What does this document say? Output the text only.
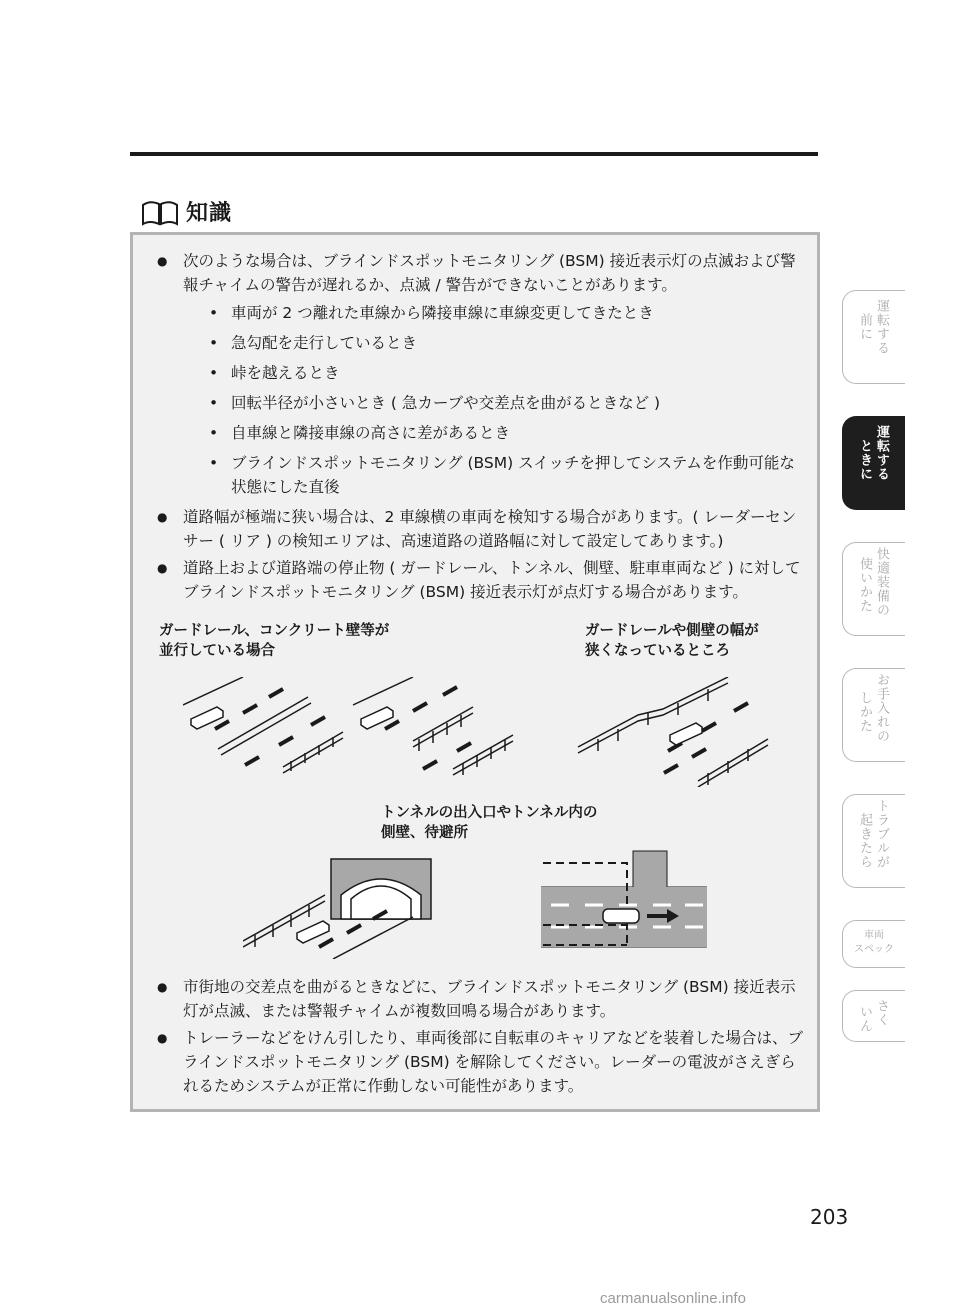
知識
● 次のような場合は、ブラインドスポットモニタリング (BSM) 接近表示灯の点滅および警報チャイムの警告が遅れるか、点滅 / 警告ができないことがあります。
• 車両が 2 つ離れた車線から隣接車線に車線変更してきたとき
• 急勾配を走行しているとき
• 峠を越えるとき
• 回転半径が小さいとき ( 急カーブや交差点を曲がるときなど )
• 自車線と隣接車線の高さに差があるとき
• ブラインドスポットモニタリング (BSM) スイッチを押してシステムを作動可能な状態にした直後
● 道路幅が極端に狭い場合は、2 車線横の車両を検知する場合があります。( レーダーセンサー ( リア ) の検知エリアは、高速道路の道路幅に対して設定してあります。)
● 道路上および道路端の停止物 ( ガードレール、トンネル、側壁、駐車車両など ) に対してブラインドスポットモニタリング (BSM) 接近表示灯が点灯する場合があります。
ガードレール、コンクリート壁等が
並行している場合
ガードレールや側壁の幅が
狭くなっているところ
トンネルの出入口やトンネル内の
側壁、待避所
● 市街地の交差点を曲がるときなどに、ブラインドスポットモニタリング (BSM) 接近表示灯が点滅、または警報チャイムが複数回鳴る場合があります。
● トレーラーなどをけん引したり、車両後部に自転車のキャリアなどを装着した場合は、ブラインドスポットモニタリング (BSM) を解除してください。レーダーの電波がさえぎられるためシステムが正常に作動しない可能性があります。
運転する
前に
運転する
ときに
快適装備の
使いかた
お手入れの
しかた
トラブルが
起きたら
車両
スペック
さく
いん
203
carmanualsonline.info
